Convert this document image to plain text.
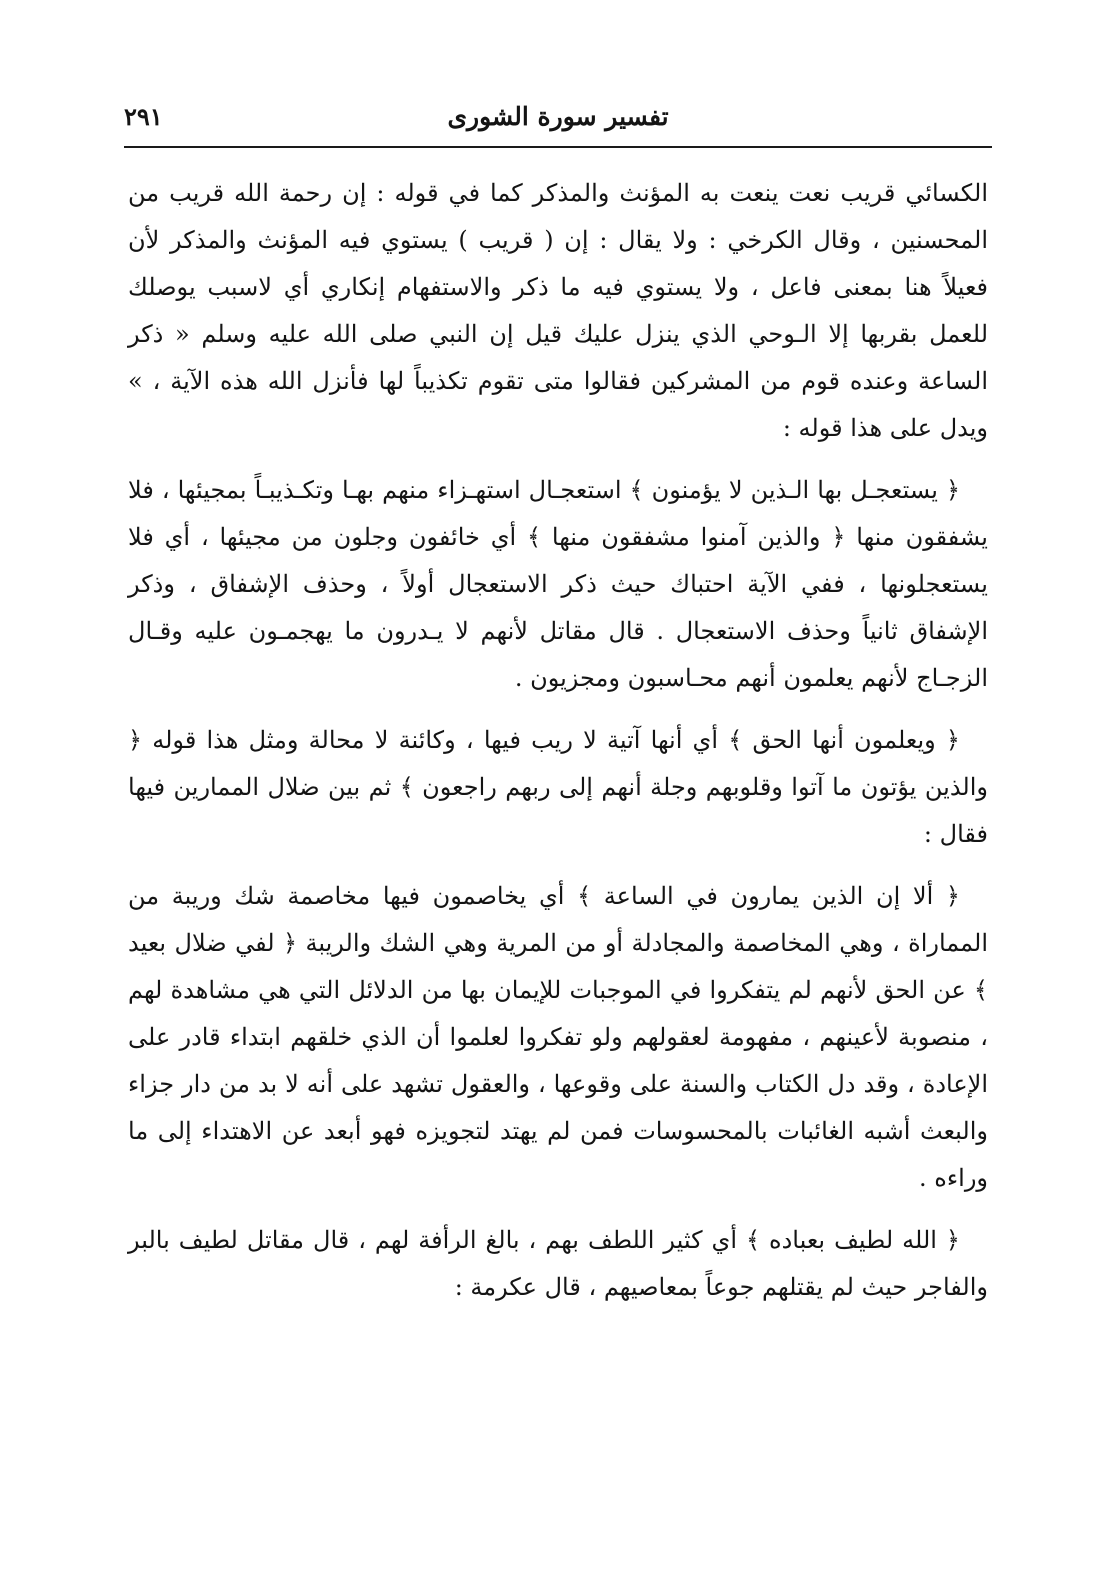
تفسير سورة الشورى
٢٩١

الكسائي قريب نعت ينعت به المؤنث والمذكر كما في قوله : إن رحمة الله قريب من المحسنين ، وقال الكرخي : ولا يقال : إن ( قريب ) يستوي فيه المؤنث والمذكر لأن فعيلاً هنا بمعنى فاعل ، ولا يستوي فيه ما ذكر والاستفهام إنكاري أي لاسبب يوصلك للعمل بقربها إلا الـوحي الذي ينزل عليك قيل إن النبي صلى الله عليه وسلم « ذكر الساعة وعنده قوم من المشركين فقالوا متى تقوم تكذيباً لها فأنزل الله هذه الآية ، » ويدل على هذا قوله :

﴿ يستعجـل بها الـذين لا يؤمنون ﴾ استعجـال استهـزاء منهم بهـا وتكـذيبـاً بمجيئها ، فلا يشفقون منها ﴿ والذين آمنوا مشفقون منها ﴾ أي خائفون وجلون من مجيئها ، أي فلا يستعجلونها ، ففي الآية احتباك حيث ذكر الاستعجال أولاً ، وحذف الإشفاق ، وذكر الإشفاق ثانياً وحذف الاستعجال . قال مقاتل لأنهم لا يـدرون ما يهجمـون عليه وقـال الزجـاج لأنهم يعلمون أنهم محـاسبون ومجزيون .

﴿ ويعلمون أنها الحق ﴾ أي أنها آتية لا ريب فيها ، وكائنة لا محالة ومثل هذا قوله ﴿ والذين يؤتون ما آتوا وقلوبهم وجلة أنهم إلى ربهم راجعون ﴾ ثم بين ضلال الممارين فيها فقال :

﴿ ألا إن الذين يمارون في الساعة ﴾ أي يخاصمون فيها مخاصمة شك وريبة من المماراة ، وهي المخاصمة والمجادلة أو من المرية وهي الشك والريبة ﴿ لفي ضلال بعيد ﴾ عن الحق لأنهم لم يتفكروا في الموجبات للإيمان بها من الدلائل التي هي مشاهدة لهم ، منصوبة لأعينهم ، مفهومة لعقولهم ولو تفكروا لعلموا أن الذي خلقهم ابتداء قادر على الإعادة ، وقد دل الكتاب والسنة على وقوعها ، والعقول تشهد على أنه لا بد من دار جزاء والبعث أشبه الغائبات بالمحسوسات فمن لم يهتد لتجويزه فهو أبعد عن الاهتداء إلى ما وراءه .

﴿ الله لطيف بعباده ﴾ أي كثير اللطف بهم ، بالغ الرأفة لهم ، قال مقاتل لطيف بالبر والفاجر حيث لم يقتلهم جوعاً بمعاصيهم ، قال عكرمة :
